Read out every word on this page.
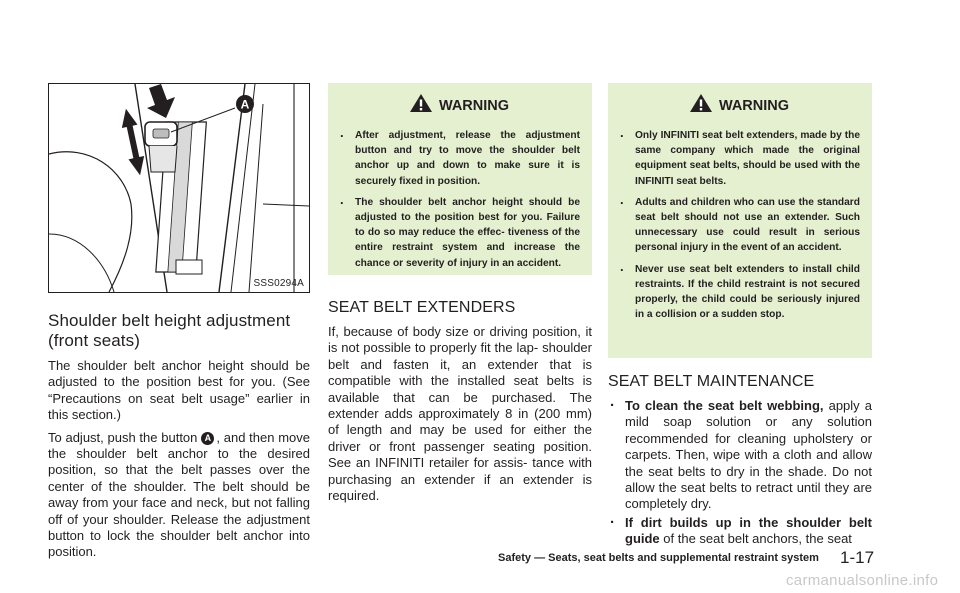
A
SSS0294A
Shoulder belt height adjustment (front seats)

The shoulder belt anchor height should be adjusted to the position best for you. (See “Precautions on seat belt usage” earlier in this section.)

To adjust, push the button A , and then move the shoulder belt anchor to the desired position, so that the belt passes over the center of the shoulder. The belt should be away from your face and neck, but not falling off of your shoulder. Release the adjustment button to lock the shoulder belt anchor into position.

WARNING
. After adjustment, release the adjustment button and try to move the shoulder belt anchor up and down to make sure it is securely fixed in position.
. The shoulder belt anchor height should be adjusted to the position best for you. Failure to do so may reduce the effec- tiveness of the entire restraint system and increase the chance or severity of injury in an accident.
SEAT BELT EXTENDERS

If, because of body size or driving position, it is not possible to properly fit the lap- shoulder belt and fasten it, an extender that is compatible with the installed seat belts is available that can be purchased. The extender adds approximately 8 in (200 mm) of length and may be used for either the driver or front passenger seating position. See an INFINITI retailer for assis- tance with purchasing an extender if an extender is required.

WARNING
. Only INFINITI seat belt extenders, made by the same company which made the original equipment seat belts, should be used with the INFINITI seat belts.
. Adults and children who can use the standard seat belt should not use an extender. Such unnecessary use could result in serious personal injury in the event of an accident.
. Never use seat belt extenders to install child restraints. If the child restraint is not secured properly, the child could be seriously injured in a collision or a sudden stop.
SEAT BELT MAINTENANCE
. To clean the seat belt webbing, apply a mild soap solution or any solution recommended for cleaning upholstery or carpets. Then, wipe with a cloth and allow the seat belts to dry in the shade. Do not allow the seat belts to retract until they are completely dry.
. If dirt builds up in the shoulder belt guide of the seat belt anchors, the seat
Safety — Seats, seat belts and supplemental restraint system 1-17
carmanualsonline.info
